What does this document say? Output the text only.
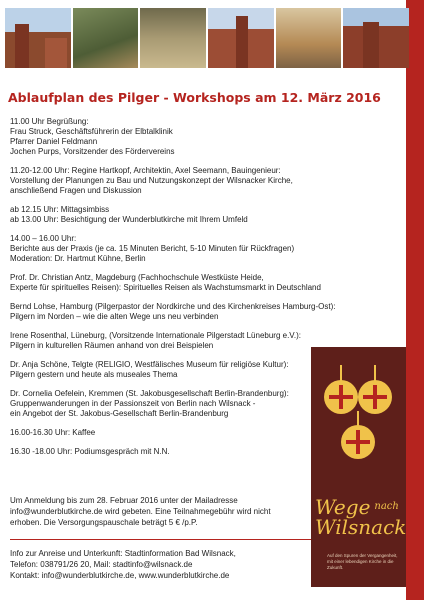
Ablaufplan des Pilger - Workshops am 12. März 2016
11.00 Uhr Begrüßung:
Frau Struck, Geschäftsführerin der Elbtalklinik
Pfarrer Daniel Feldmann
Jochen Purps, Vorsitzender des Fördervereins
11.20-12.00 Uhr: Regine Hartkopf, Architektin, Axel Seemann, Bauingenieur:
Vorstellung der Planungen zu Bau und Nutzungskonzept der Wilsnacker Kirche,
anschließend Fragen und Diskussion
ab 12.15 Uhr: Mittagsimbiss
ab 13.00 Uhr: Besichtigung der Wunderblutkirche mit Ihrem Umfeld
14.00 – 16.00 Uhr:
Berichte aus der Praxis (je ca. 15 Minuten Bericht, 5-10 Minuten für Rückfragen)
Moderation: Dr. Hartmut Kühne, Berlin
Prof. Dr. Christian Antz, Magdeburg (Fachhochschule Westküste Heide,
Experte für spirituelles Reisen): Spirituelles Reisen als Wachstumsmarkt in Deutschland
Bernd Lohse, Hamburg (Pilgerpastor der Nordkirche und des Kirchenkreises Hamburg-Ost):
Pilgern im Norden – wie die alten Wege uns neu verbinden
Irene Rosenthal, Lüneburg, (Vorsitzende Internationale Pilgerstadt Lüneburg e.V.):
Pilgern in kulturellen Räumen anhand von drei Beispielen
Dr. Anja Schöne, Telgte (RELIGIO, Westfälisches Museum für religiöse Kultur):
Pilgern gestern und heute als museales Thema
Dr. Cornelia Oefelein, Kremmen (St. Jakobusgesellschaft Berlin-Brandenburg):
Gruppenwanderungen in der Passionszeit von Berlin nach Wilsnack -
ein Angebot der St. Jakobus-Gesellschaft Berlin-Brandenburg
16.00-16.30 Uhr: Kaffee
16.30 -18.00 Uhr: Podiumsgespräch mit N.N.
Um Anmeldung bis zum 28. Februar 2016 unter der Mailadresse
info@wunderblutkirche.de wird gebeten. Eine Teilnahmegebühr wird nicht
erhoben. Die Versorgungspauschale beträgt 5 € /p.P.
Info zur Anreise und Unterkunft: Stadtinformation Bad Wilsnack,
Telefon: 038791/26 20, Mail: stadtinfo@wilsnack.de
Kontakt: info@wunderblutkirche.de, www.wunderblutkirche.de
Wege nach
Wilsnack
Auf den Spuren der Vergangenheit, mit einer lebendigen Kirche in die Zukunft.
